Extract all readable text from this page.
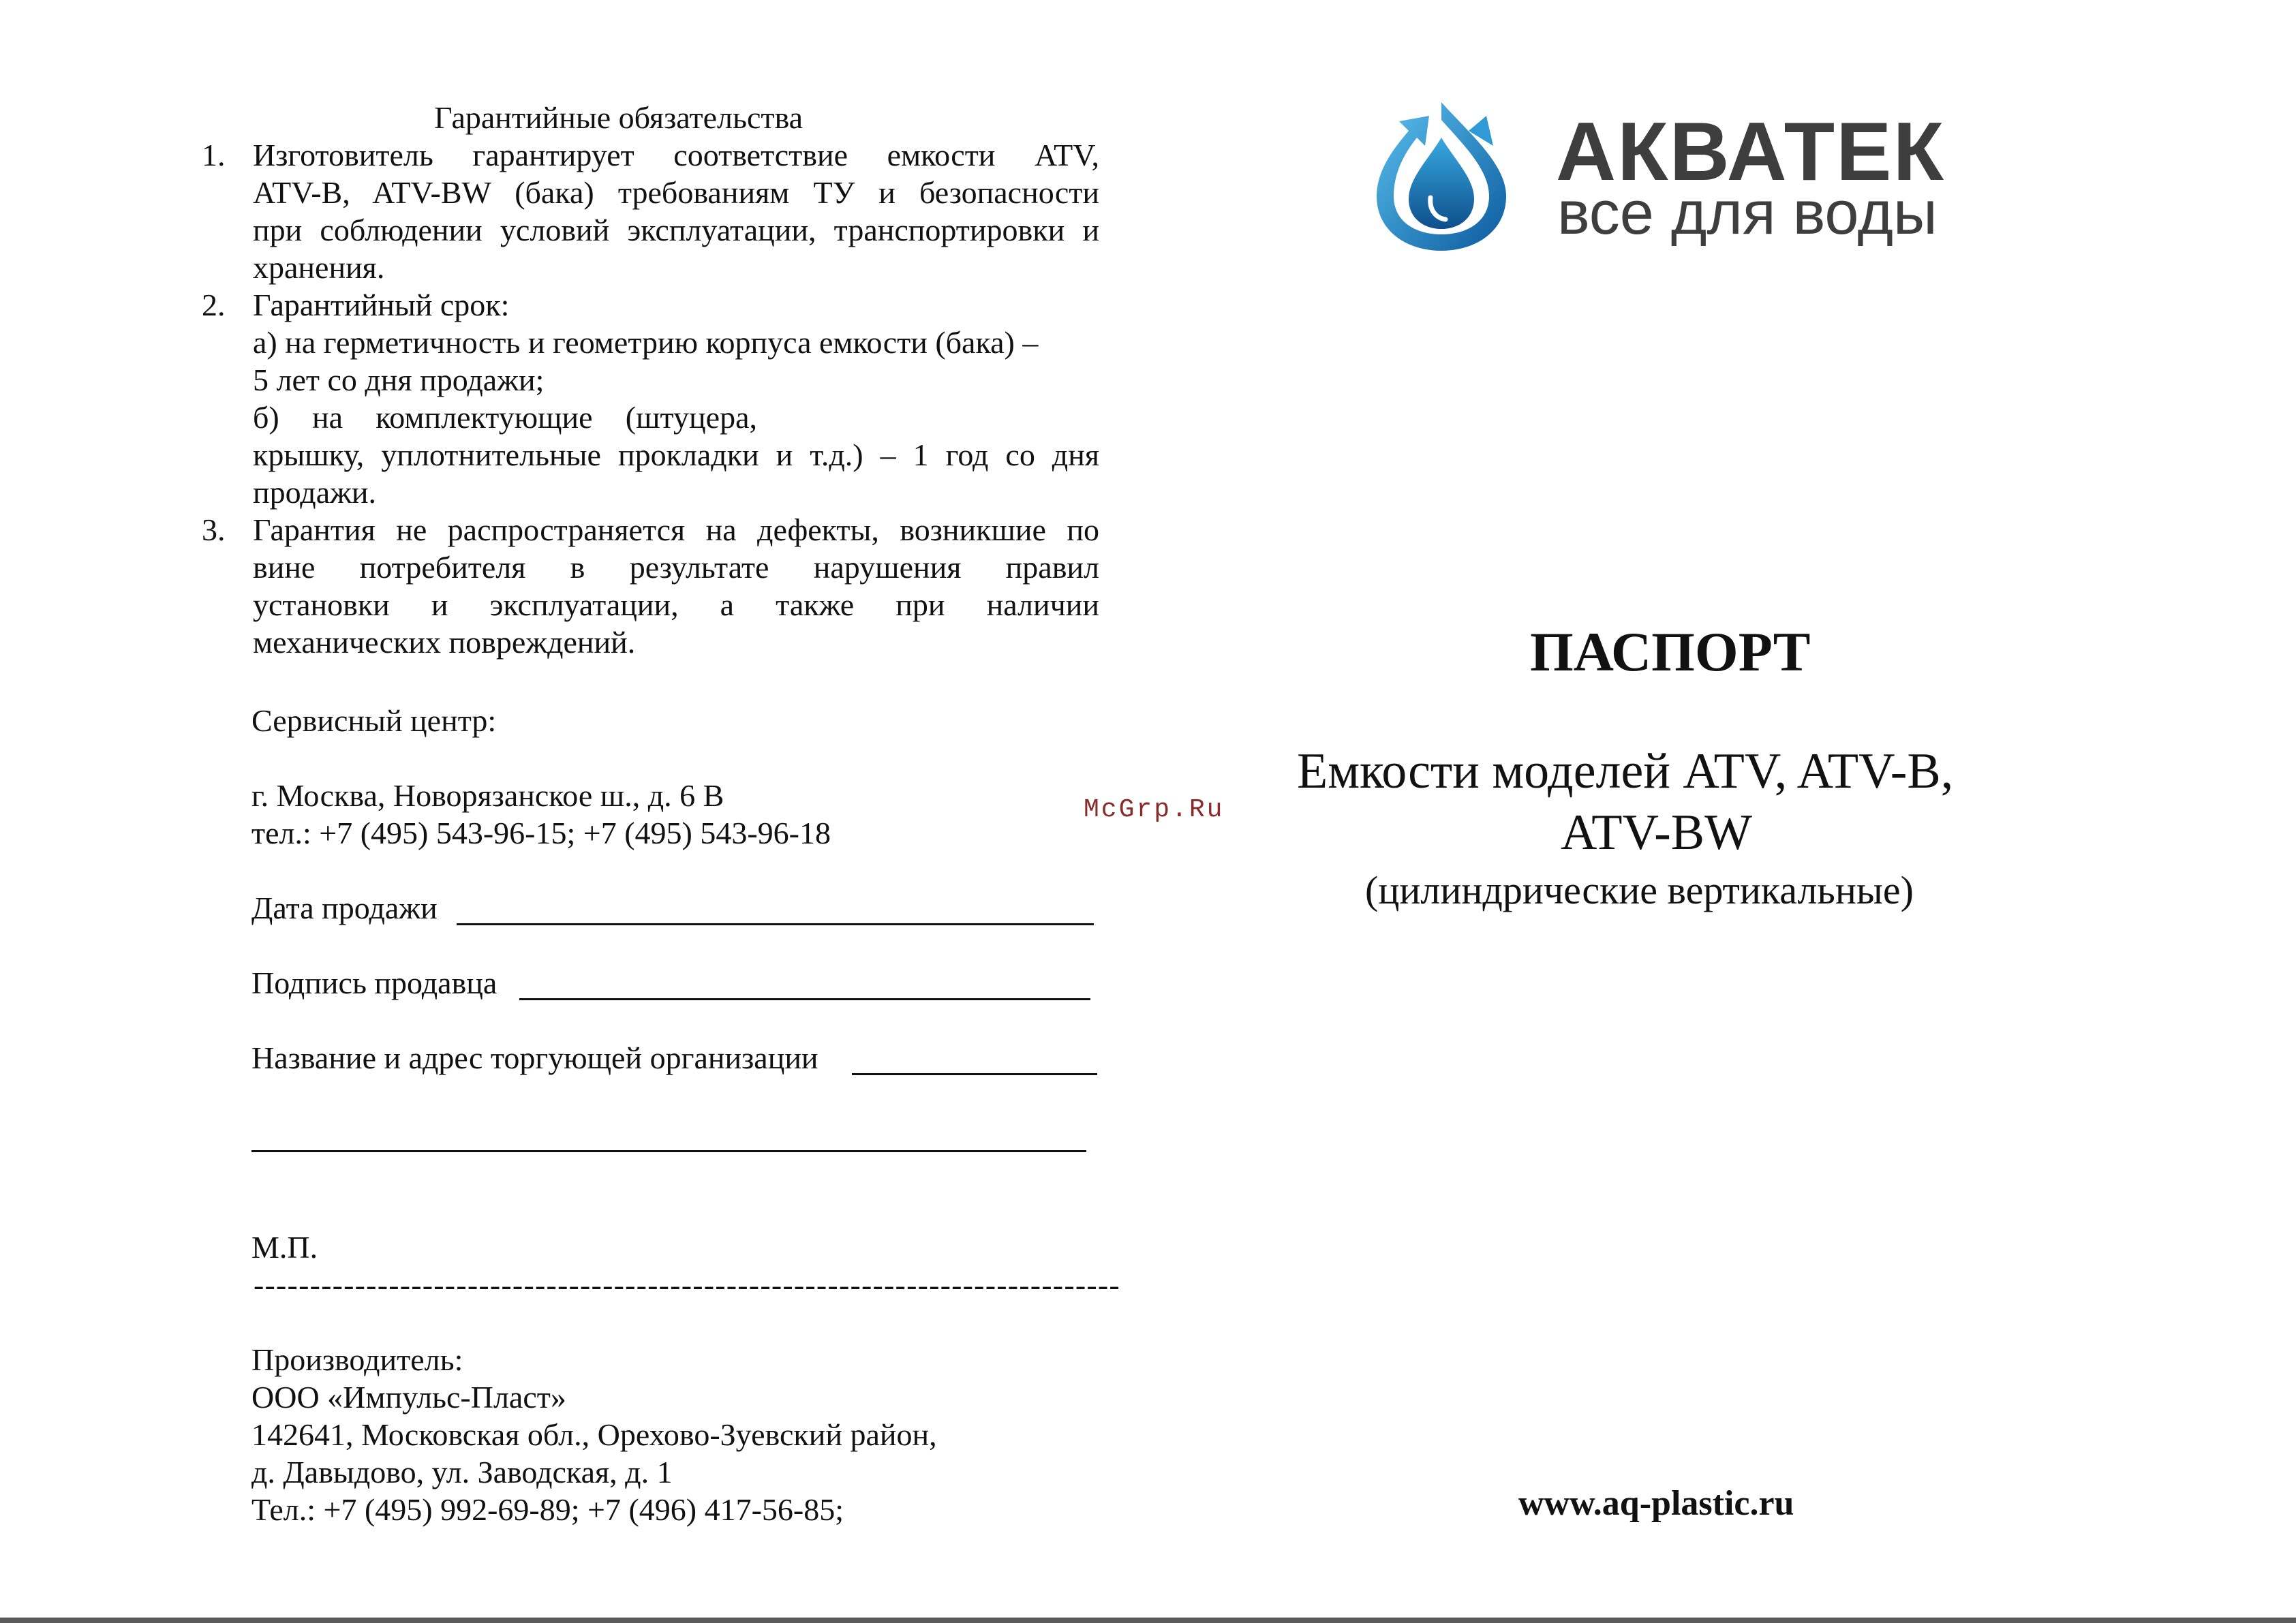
Гарантийные обязательства
1. Изготовитель гарантирует соответствие емкости ATV,
ATV-B, ATV-BW (бака) требованиям ТУ и безопасности
при соблюдении условий эксплуатации, транспортировки и
хранения.
2. Гарантийный срок:
а) на герметичность и геометрию корпуса емкости (бака) –
5 лет со дня продажи;
б) на комплектующие (штуцера,
крышку, уплотнительные прокладки и т.д.) – 1 год со дня
продажи.
3. Гарантия не распространяется на дефекты, возникшие по
вине потребителя в результате нарушения правил
установки и эксплуатации, а также при наличии
механических повреждений.
Сервисный центр:
г. Москва, Новорязанское ш., д. 6 В
тел.: +7 (495) 543-96-15; +7 (495) 543-96-18
Дата продажи
Подпись продавца
Название и адрес торгующей организации
М.П.
-----------------------------------------------------------------------------
Производитель:
ООО «Импульс-Пласт»
142641, Московская обл., Орехово-Зуевский район,
д. Давыдово, ул. Заводская, д. 1
Тел.: +7 (495) 992-69-89; +7 (496) 417-56-85;
McGrp.Ru
АКВАТЕК
все для воды
ПАСПОРТ
Емкости моделей ATV, ATV-B,
ATV-BW
(цилиндрические вертикальные)
www.aq-plastic.ru
